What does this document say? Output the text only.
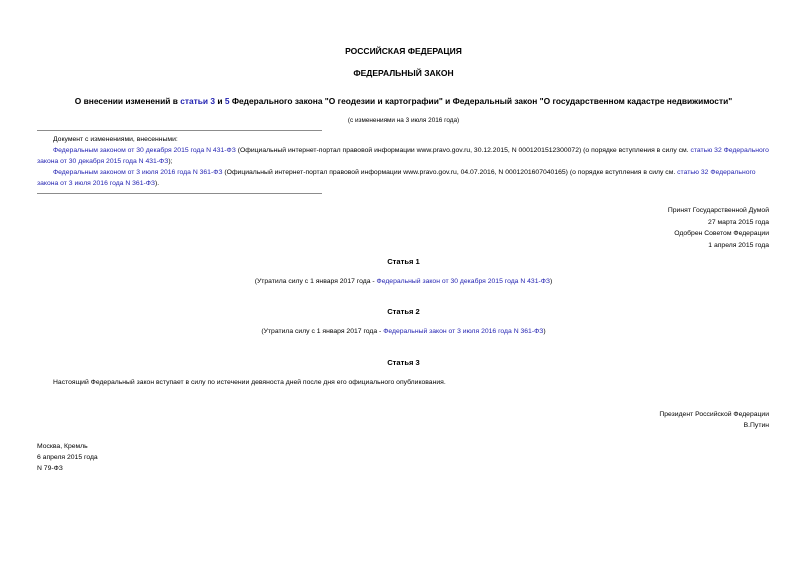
РОССИЙСКАЯ ФЕДЕРАЦИЯ
ФЕДЕРАЛЬНЫЙ ЗАКОН
О внесении изменений в статьи 3 и 5 Федерального закона "О геодезии и картографии" и Федеральный закон "О государственном кадастре недвижимости"
(с изменениями на 3 июля 2016 года)
Документ с изменениями, внесенными:
Федеральным законом от 30 декабря 2015 года N 431-ФЗ (Официальный интернет-портал правовой информации www.pravo.gov.ru, 30.12.2015, N 0001201512300072) (о порядке вступления в силу см. статью 32 Федерального закона от 30 декабря 2015 года N 431-ФЗ);
Федеральным законом от 3 июля 2016 года N 361-ФЗ (Официальный интернет-портал правовой информации www.pravo.gov.ru, 04.07.2016, N 0001201607040165) (о порядке вступления в силу см. статью 32 Федерального закона от 3 июля 2016 года N 361-ФЗ).
Принят Государственной Думой
27 марта 2015 года
Одобрен Советом Федерации
1 апреля 2015 года
Статья 1
(Утратила силу с 1 января 2017 года - Федеральный закон от 30 декабря 2015 года N 431-ФЗ)
Статья 2
(Утратила силу с 1 января 2017 года - Федеральный закон от 3 июля 2016 года N 361-ФЗ)
Статья 3
Настоящий Федеральный закон вступает в силу по истечении девяноста дней после дня его официального опубликования.
Президент Российской Федерации
В.Путин
Москва, Кремль
6 апреля 2015 года
N 79-ФЗ
